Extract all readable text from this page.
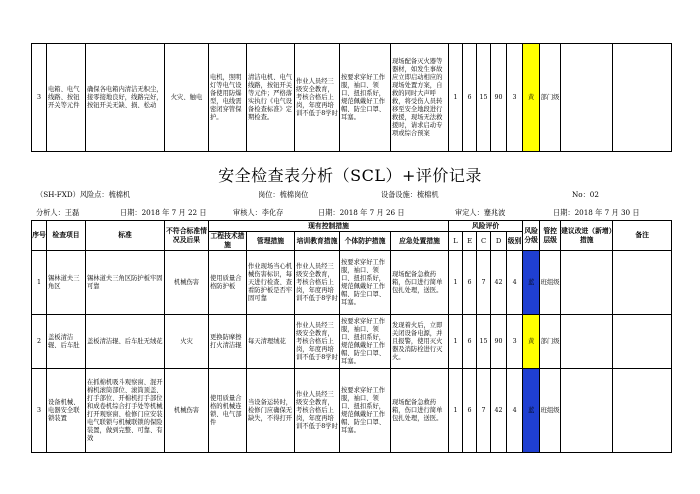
3	电箱、电气线路、按钮开关等元件	确保各电箱内清洁无积尘，接零接地良好，线路完好，按钮开关无缺、损、松动	火灾、触电	电机，照明灯等电气设备使用防爆型，电线需密闭穿管保护。	清洁电机、电气线路，按钮开关等元件；严格落实执行《电气设备检查标准》定期检查。	作业人员经三级安全教育，考核合格后上岗，年度再培训不低于8学时	按要求穿好工作服，袖口、领口、扭扣系好，规范佩戴好工作帽、防尘口罩、耳塞。	现场配备灭火器等器材，如发生事故应立即启动相应的现场处置方案，自救的同时大声呼救，将受伤人员转移至安全地段进行救援，现场无法救援时，请求启动专项或综合预案	1	6	15	90	3	黄	部门级		
安全检查表分析（SCL）+评价记录
（SH-FXD）风险点：梳棉机	岗位：梳棉岗位	设备设施：梳棉机	No：02
分析人：王磊	日期：2018 年 7 月 22 日	审核人：李化存	日期：2018 年 7 月 26 日	审定人：蹇兆波	日期：2018 年 7 月 30 日
序号	检查项目	标准	不符合标准情况及后果	现有控制措施					风险评价					风险分级	管控层级	建议改进（新增）措施	备注
				工程技术措施	管理措施	培训教育措施	个体防护措施	应急处置措施	L	E	C	D	级别				
1	锡林道夫三角区	锡林道夫三角区防护板牢固可靠	机械伤害	使用质量合格防护板	作业现场当心机械伤害标识，每天进行检查、查看防护板是否牢固可靠	作业人员经三级安全教育，考核合格后上岗，年度再培训不低于8学时	按要求穿好工作服，袖口、领口、扭扣系好，规范佩戴好工作帽、防尘口罩、耳塞。	现场配备急救药箱，伤口进行简单包扎处理，送医。	1	6	7	42	4	蓝	班组级		
2	盖板清洁辊、后车肚	盖板清洁辊、后车肚无绒花	火灾	更换防摩擦打火清洁辊	每天清理绒花	作业人员经三级安全教育，考核合格后上岗，年度再培训不低于8学时	按要求穿好工作服，袖口、领口、扭扣系好，规范佩戴好工作帽、防尘口罩、耳塞。	发现着火后，立即关闭设备电源，并且报警，使用灭火器及消防栓进行灭火。	1	6	15	90	3	黄	部门级		
3	设备机械、电器安全联锁装置	在抓棉机吸斗观察窗、混开棉机滚筒部位、滚筒顶盖、打手部位、开棉机打手部位和成卷机综合打手处等机械打开观察窗、检修门应安装电气联锁与机械联锁的保险装置，做到完整、可靠、有效	机械伤害	使用质量合格的机械连锁、电气部件	当设备运转时，检修门应确保无缺失，不得打开	作业人员经三级安全教育，考核合格后上岗，年度再培训不低于8学时	按要求穿好工作服，袖口、领口、扭扣系好，规范佩戴好工作帽、防尘口罩、耳塞。	现场配备急救药箱，伤口进行简单包扎处理，送医。	1	6	7	42	4	蓝	班组级		
